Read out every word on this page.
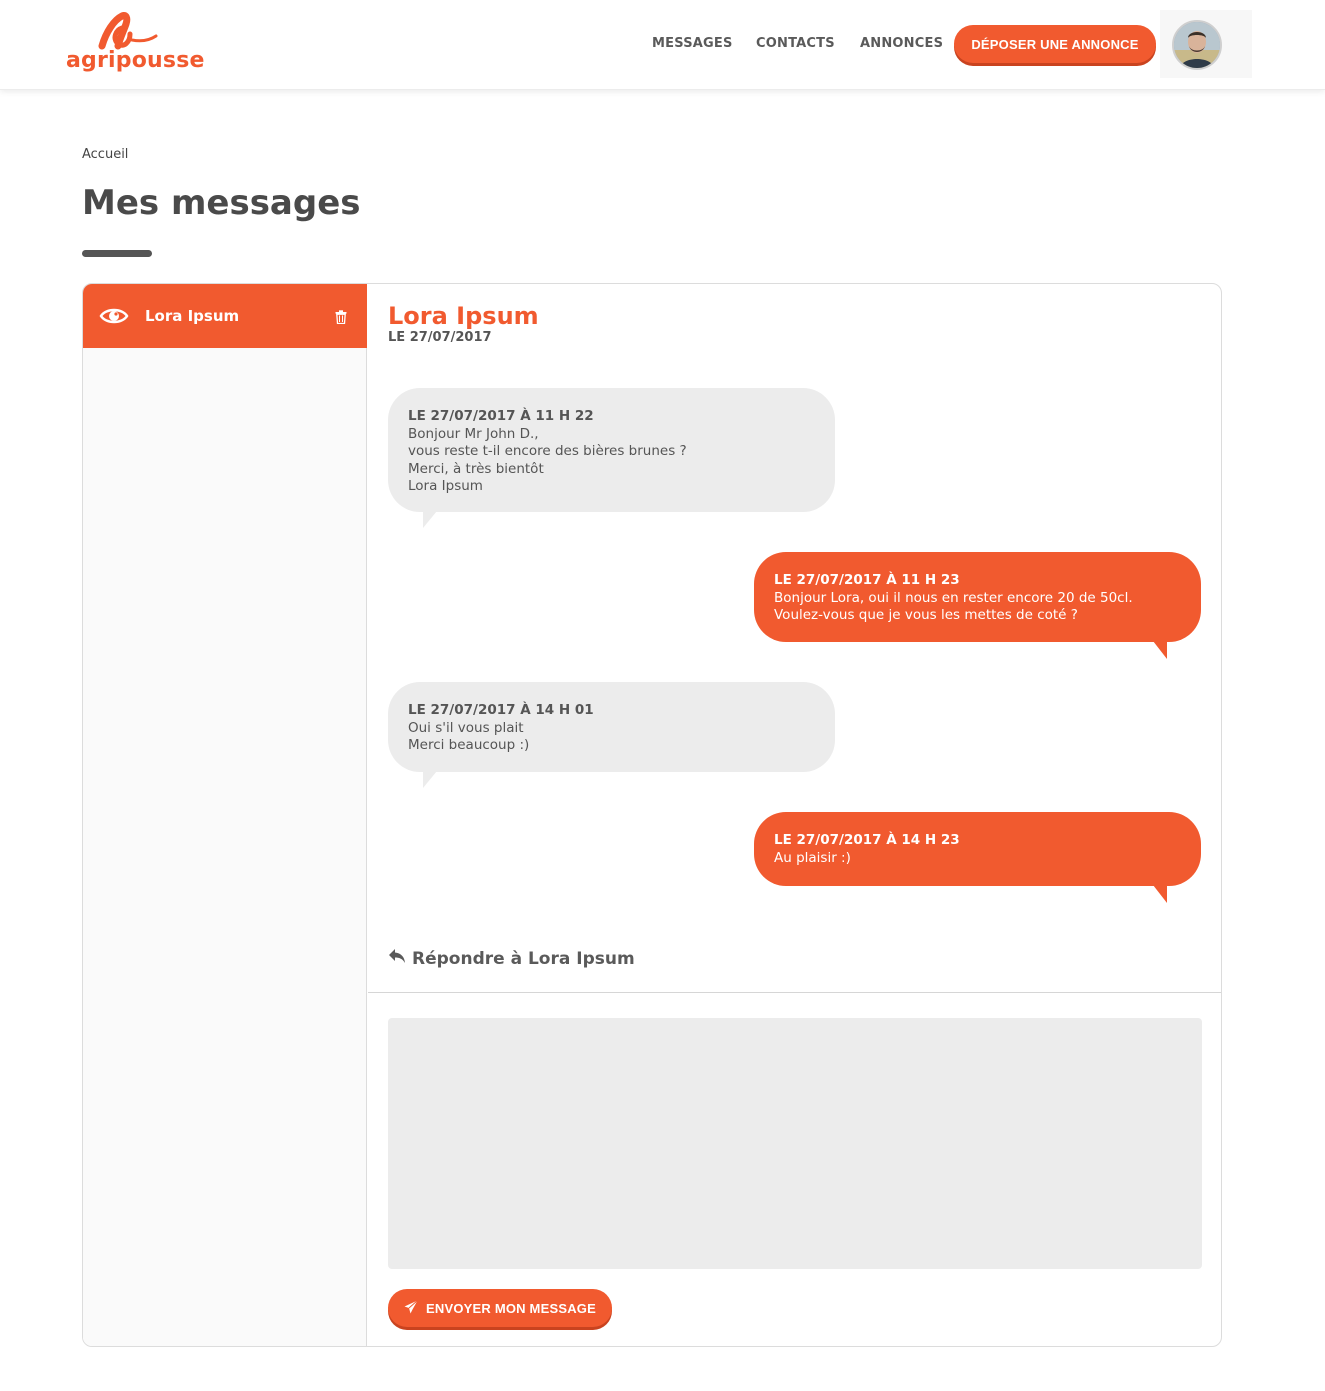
agripousse
MESSAGES CONTACTS ANNONCES	DÉPOSER UNE ANNONCE
Accueil
Mes messages
Lora Ipsum	Lora Ipsum
LE 27/07/2017
LE 27/07/2017 À 11 H 22
Bonjour Mr John D.,
vous reste t-il encore des bières brunes ?
Merci, à très bientôt
Lora Ipsum
LE 27/07/2017 À 11 H 23
Bonjour Lora, oui il nous en rester encore 20 de 50cl.
Voulez-vous que je vous les mettes de coté ?
LE 27/07/2017 À 14 H 01
Oui s'il vous plait
Merci beaucoup :)
LE 27/07/2017 À 14 H 23
Au plaisir :)
Répondre à Lora Ipsum
ENVOYER MON MESSAGE
